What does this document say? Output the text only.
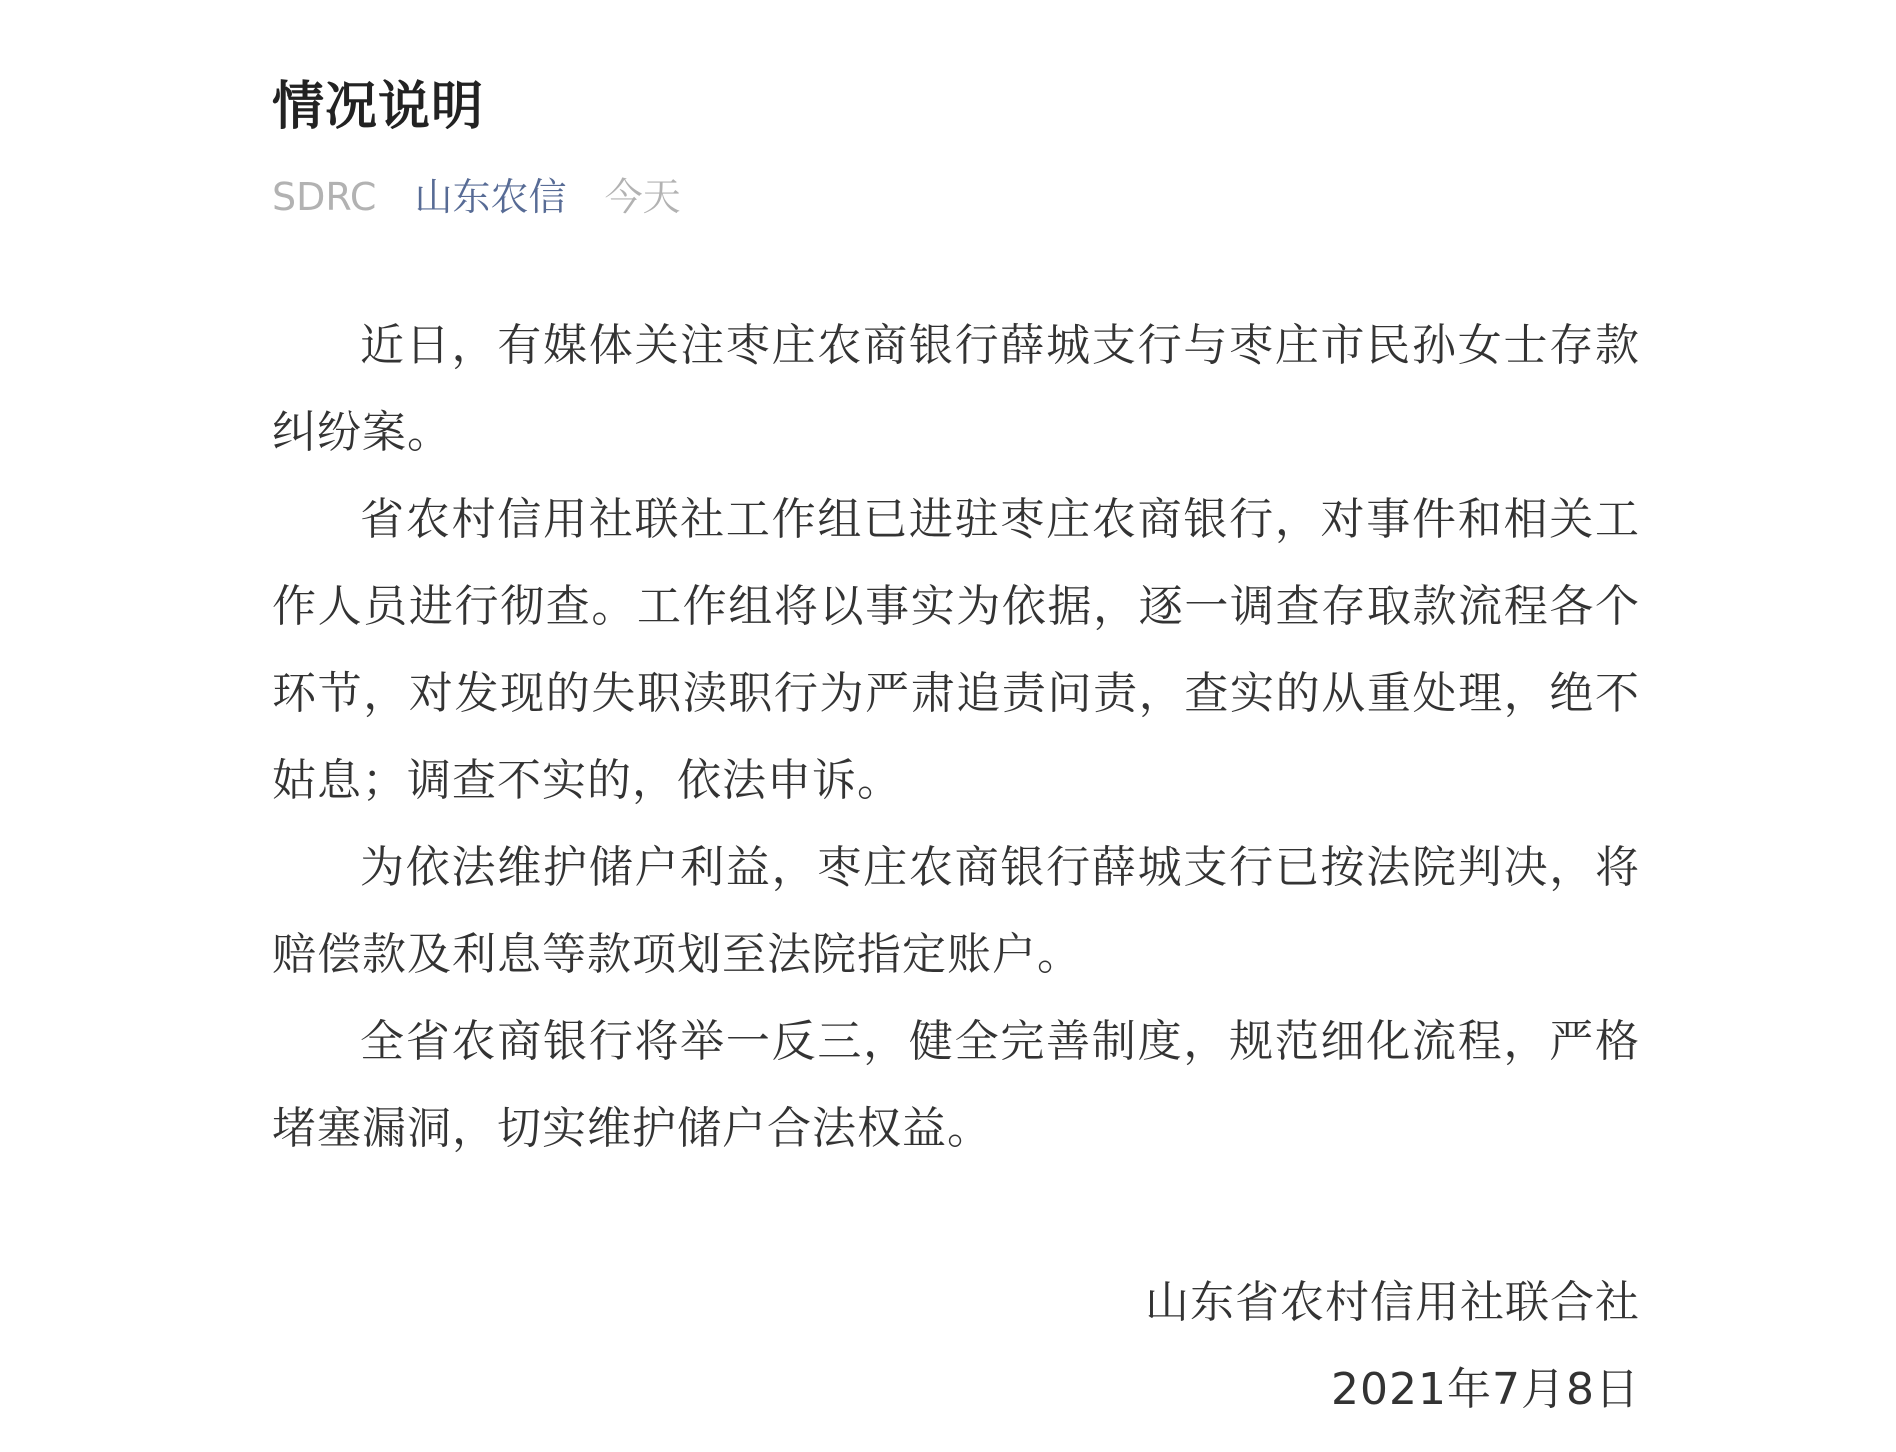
情况说明
SDRC 山东农信 今天

近日，有媒体关注枣庄农商银行薛城支行与枣庄市民孙女士存款纠纷案。

省农村信用社联社工作组已进驻枣庄农商银行，对事件和相关工作人员进行彻查。工作组将以事实为依据，逐一调查存取款流程各个环节，对发现的失职渎职行为严肃追责问责，查实的从重处理，绝不姑息；调查不实的，依法申诉。

为依法维护储户利益，枣庄农商银行薛城支行已按法院判决，将赔偿款及利息等款项划至法院指定账户。

全省农商银行将举一反三，健全完善制度，规范细化流程，严格堵塞漏洞，切实维护储户合法权益。

山东省农村信用社联合社
2021年7月8日
